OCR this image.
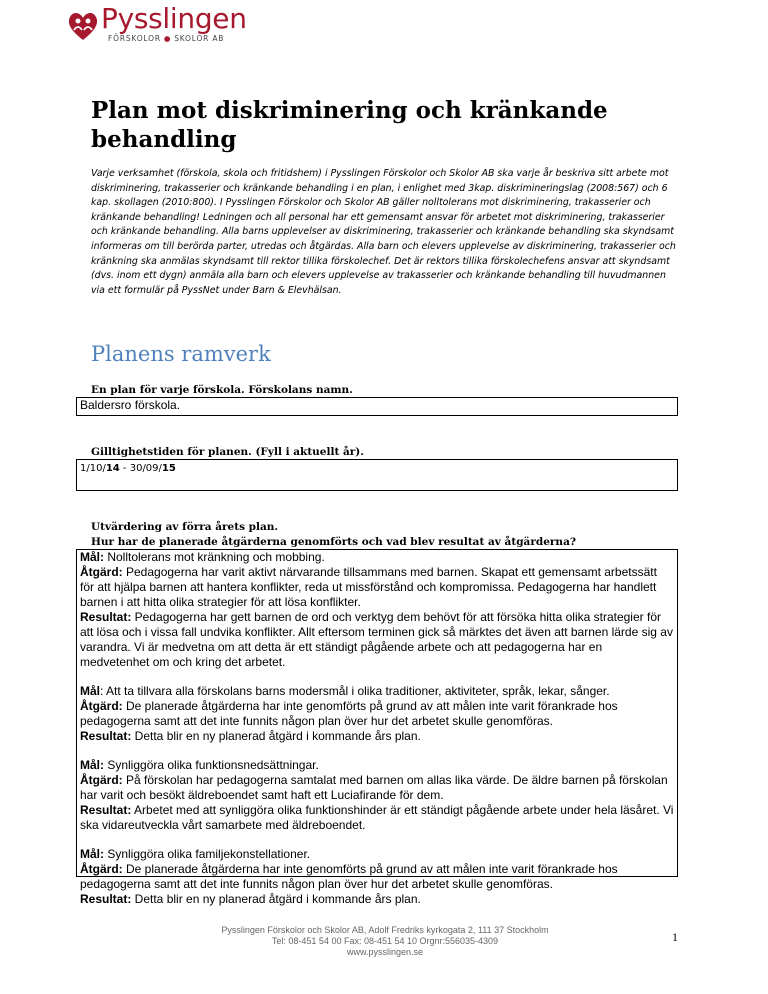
Pysslingen
FÖRSKOLOR ● SKOLOR AB
Plan mot diskriminering och kränkande behandling

Varje verksamhet (förskola, skola och fritidshem) i Pysslingen Förskolor och Skolor AB ska varje år beskriva sitt arbete mot diskriminering, trakasserier och kränkande behandling i en plan, i enlighet med 3kap. diskrimineringslag (2008:567) och 6 kap. skollagen (2010:800). I Pysslingen Förskolor och Skolor AB gäller nolltolerans mot diskriminering, trakasserier och kränkande behandling! Ledningen och all personal har ett gemensamt ansvar för arbetet mot diskriminering, trakasserier och kränkande behandling. Alla barns upplevelser av diskriminering, trakasserier och kränkande behandling ska skyndsamt informeras om till berörda parter, utredas och åtgärdas. Alla barn och elevers upplevelse av diskriminering, trakasserier och kränkning ska anmälas skyndsamt till rektor tillika förskolechef. Det är rektors tillika förskolechefens ansvar att skyndsamt (dvs. inom ett dygn) anmäla alla barn och elevers upplevelse av trakasserier och kränkande behandling till huvudmannen via ett formulär på PyssNet under Barn & Elevhälsan.

Planens ramverk
En plan för varje förskola. Förskolans namn.
Baldersro förskola.
Gilltighetstiden för planen. (Fyll i aktuellt år).
1/10/14 - 30/09/15
Utvärdering av förra årets plan.
Hur har de planerade åtgärderna genomförts och vad blev resultat av åtgärderna?

Mål: Nolltolerans mot kränkning och mobbing.

Åtgärd: Pedagogerna har varit aktivt närvarande tillsammans med barnen. Skapat ett gemensamt arbetssätt för att hjälpa barnen att hantera konflikter, reda ut missförstånd och kompromissa. Pedagogerna har handlett barnen i att hitta olika strategier för att lösa konflikter.

Resultat: Pedagogerna har gett barnen de ord och verktyg dem behövt för att försöka hitta olika strategier för att lösa och i vissa fall undvika konflikter. Allt eftersom terminen gick så märktes det även att barnen lärde sig av varandra. Vi är medvetna om att detta är ett ständigt pågående arbete och att pedagogerna har en medvetenhet om och kring det arbetet.

Mål: Att ta tillvara alla förskolans barns modersmål i olika traditioner, aktiviteter, språk, lekar, sånger.

Åtgärd: De planerade åtgärderna har inte genomförts på grund av att målen inte varit förankrade hos pedagogerna samt att det inte funnits någon plan över hur det arbetet skulle genomföras.

Resultat: Detta blir en ny planerad åtgärd i kommande års plan.

Mål: Synliggöra olika funktionsnedsättningar.

Åtgärd: På förskolan har pedagogerna samtalat med barnen om allas lika värde. De äldre barnen på förskolan har varit och besökt äldreboendet samt haft ett Luciafirande för dem.

Resultat: Arbetet med att synliggöra olika funktionshinder är ett ständigt pågående arbete under hela läsåret. Vi ska vidareutveckla vårt samarbete med äldreboendet.

Mål: Synliggöra olika familjekonstellationer.

Åtgärd: De planerade åtgärderna har inte genomförts på grund av att målen inte varit förankrade hos pedagogerna samt att det inte funnits någon plan över hur det arbetet skulle genomföras.

Resultat: Detta blir en ny planerad åtgärd i kommande års plan.

Pysslingen Förskolor och Skolor AB, Adolf Fredriks kyrkogata 2, 111 37 Stockholm
Tel: 08-451 54 00 Fax: 08-451 54 10 Orgnr:556035-4309
www.pysslingen.se
1
